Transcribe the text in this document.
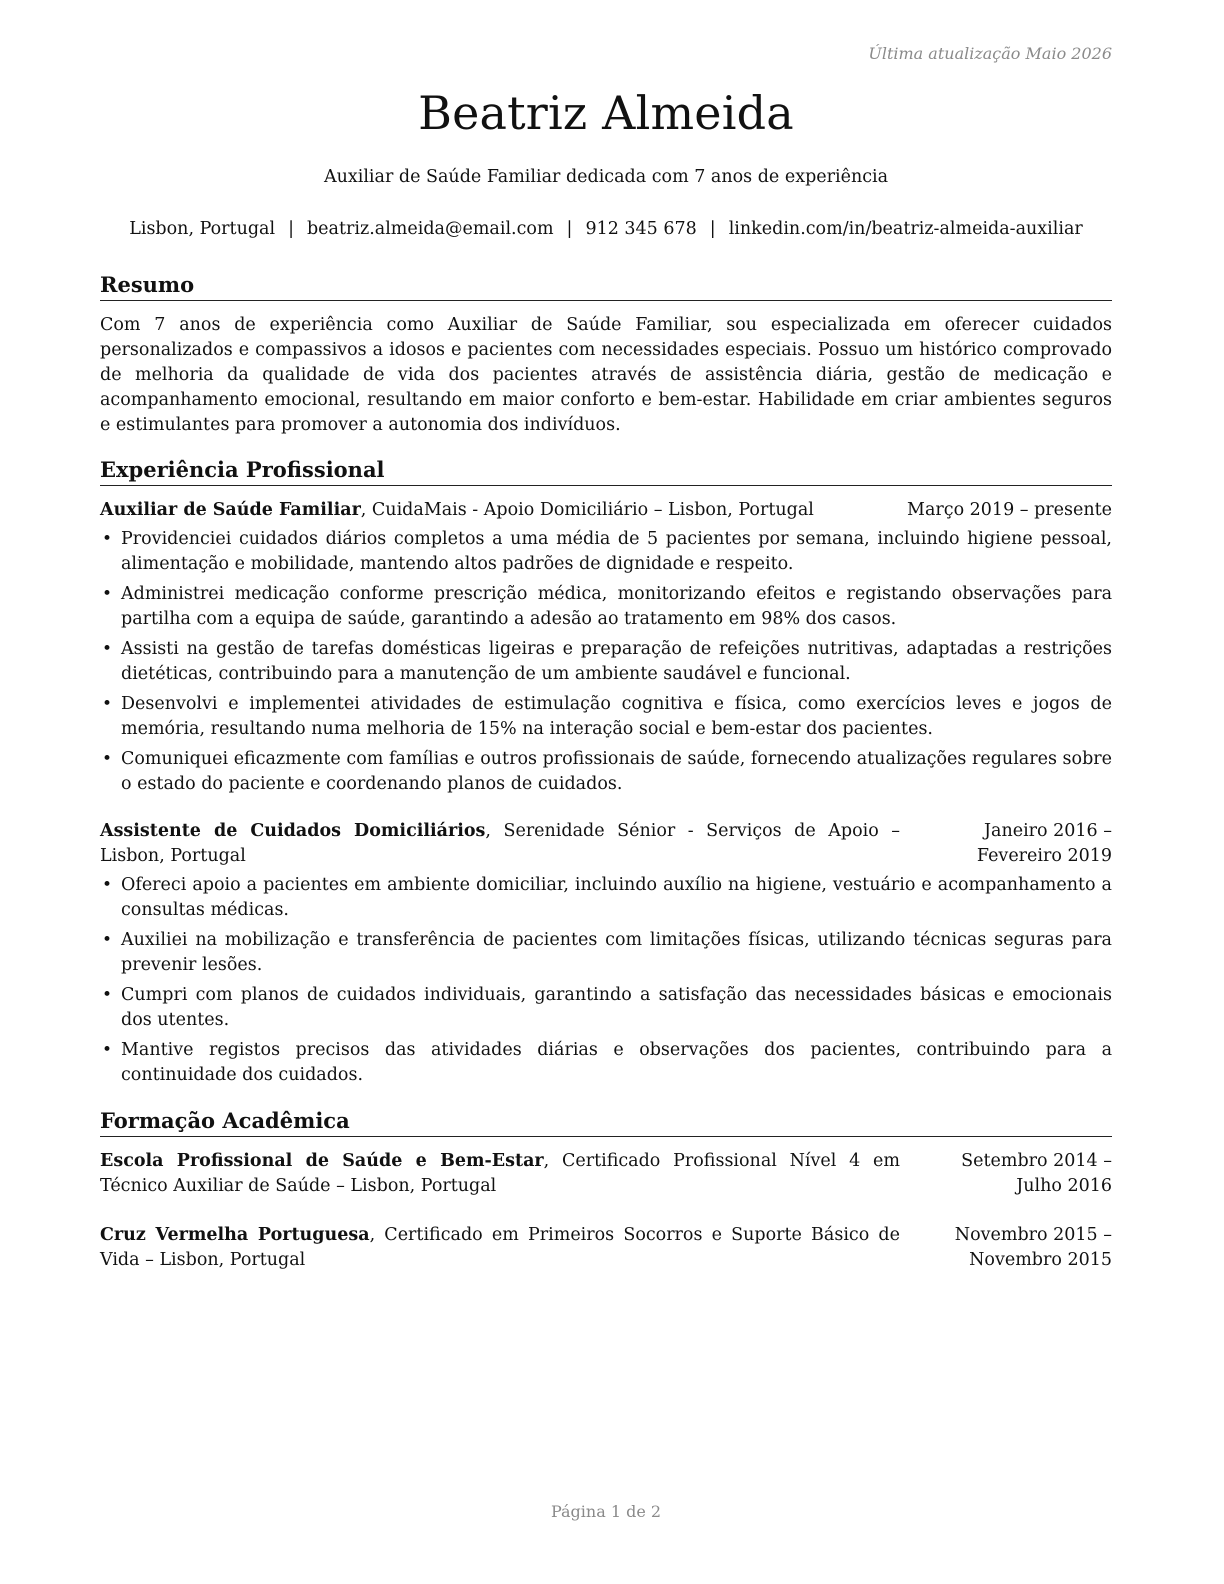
Última atualização Maio 2026
Beatriz Almeida
Auxiliar de Saúde Familiar dedicada com 7 anos de experiência
Lisbon, Portugal | beatriz.almeida@email.com | 912 345 678 | linkedin.com/in/beatriz-almeida-auxiliar
Resumo
Com 7 anos de experiência como Auxiliar de Saúde Familiar, sou especializada em oferecer cuidados personalizados e compassivos a idosos e pacientes com necessidades especiais. Possuo um histórico comprovado de melhoria da qualidade de vida dos pacientes através de assistência diária, gestão de medicação e acompanhamento emocional, resultando em maior conforto e bem-estar. Habilidade em criar ambientes seguros e estimulantes para promover a autonomia dos indivíduos.
Experiência Profissional
Auxiliar de Saúde Familiar, CuidaMais - Apoio Domiciliário – Lisbon, Portugal	Março 2019 – presente
• Providenciei cuidados diários completos a uma média de 5 pacientes por semana, incluindo higiene pessoal, alimentação e mobilidade, mantendo altos padrões de dignidade e respeito.
• Administrei medicação conforme prescrição médica, monitorizando efeitos e registando observações para partilha com a equipa de saúde, garantindo a adesão ao tratamento em 98% dos casos.
• Assisti na gestão de tarefas domésticas ligeiras e preparação de refeições nutritivas, adaptadas a restrições dietéticas, contribuindo para a manutenção de um ambiente saudável e funcional.
• Desenvolvi e implementei atividades de estimulação cognitiva e física, como exercícios leves e jogos de memória, resultando numa melhoria de 15% na interação social e bem-estar dos pacientes.
• Comuniquei eficazmente com famílias e outros profissionais de saúde, fornecendo atualizações regulares sobre o estado do paciente e coordenando planos de cuidados.
Assistente de Cuidados Domiciliários, Serenidade Sénior - Serviços de Apoio – Lisbon, Portugal
Janeiro 2016 – Fevereiro 2019
• Ofereci apoio a pacientes em ambiente domiciliar, incluindo auxílio na higiene, vestuário e acompanhamento a consultas médicas.
• Auxiliei na mobilização e transferência de pacientes com limitações físicas, utilizando técnicas seguras para prevenir lesões.
• Cumpri com planos de cuidados individuais, garantindo a satisfação das necessidades básicas e emocionais dos utentes.
• Mantive registos precisos das atividades diárias e observações dos pacientes, contribuindo para a continuidade dos cuidados.
Formação Acadêmica
Escola Profissional de Saúde e Bem-Estar, Certificado Profissional Nível 4 em Técnico Auxiliar de Saúde – Lisbon, Portugal
Setembro 2014 – Julho 2016
Cruz Vermelha Portuguesa, Certificado em Primeiros Socorros e Suporte Básico de Vida – Lisbon, Portugal
Novembro 2015 – Novembro 2015
Página 1 de 2
